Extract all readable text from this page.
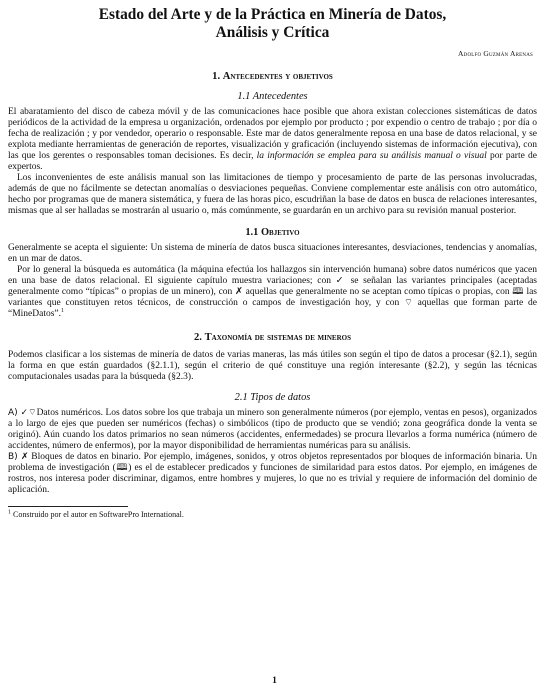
Estado del Arte y de la Práctica en Minería de Datos,

Análisis y Crítica

Adolfo Guzmán Arenas

1. Antecedentes y objetivos
1.1 Antecedentes

El abaratamiento del disco de cabeza móvil y de las comunicaciones hace posible que ahora existan colecciones sistemáticas de datos periódicos de la actividad de la empresa u organización, ordenados por ejemplo por producto ; por expendio o centro de trabajo ; por día o fecha de realización ; y por vendedor, operario o responsable. Este mar de datos generalmente reposa en una base de datos relacional, y se explota mediante herramientas de generación de reportes, visualización y graficación (incluyendo sistemas de información ejecutiva), con las que los gerentes o responsables toman decisiones. Es decir, la información se emplea para su análisis manual o visual por parte de expertos.

Los inconvenientes de este análisis manual son las limitaciones de tiempo y procesamiento de parte de las personas involucradas, además de que no fácilmente se detectan anomalías o desviaciones pequeñas. Conviene complementar este análisis con otro automático, hecho por programas que de manera sistemática, y fuera de las horas pico, escudriñan la base de datos en busca de relaciones interesantes, mismas que al ser halladas se mostrarán al usuario o, más comúnmente, se guardarán en un archivo para su revisión manual posterior.

1.1 Objetivo

Generalmente se acepta el siguiente: Un sistema de minería de datos busca situaciones interesantes, desviaciones, tendencias y anomalías, en un mar de datos.

Por lo general la búsqueda es automática (la máquina efectúa los hallazgos sin intervención humana) sobre datos numéricos que yacen en una base de datos relacional. El siguiente capítulo muestra variaciones; con ✓ se señalan las variantes principales (aceptadas generalmente como “típicas” o propias de un minero), con ✗ aquellas que generalmente no se aceptan como típicas o propias, con 🕮 las variantes que constituyen retos técnicos, de construcción o campos de investigación hoy, y con ⌔ aquellas que forman parte de “MineDatos”.$^1$

2. Taxonomía de sistemas de mineros

Podemos clasificar a los sistemas de minería de datos de varias maneras, las más útiles son según el tipo de datos a procesar (§2.1), según la forma en que están guardados (§2.1.1), según el criterio de qué constituye una región interesante (§2.2), y según las técnicas computacionales usadas para la búsqueda (§2.3).

2.1 Tipos de datos

A) ✓⌔Datos numéricos. Los datos sobre los que trabaja un minero son generalmente números (por ejemplo, ventas en pesos), organizados a lo largo de ejes que pueden ser numéricos (fechas) o simbólicos (tipo de producto que se vendió; zona geográfica donde la venta se originó). Aún cuando los datos primarios no sean números (accidentes, enfermedades) se procura llevarlos a forma numérica (número de accidentes, número de enfermos), por la mayor disponibilidad de herramientas numéricas para su análisis.

B) ✗ Bloques de datos en binario. Por ejemplo, imágenes, sonidos, y otros objetos representados por bloques de información binaria. Un problema de investigación (🕮) es el de establecer predicados y funciones de similaridad para estos datos. Por ejemplo, en imágenes de rostros, nos interesa poder discriminar, digamos, entre hombres y mujeres, lo que no es trivial y requiere de información del dominio de aplicación.

$^1$ Construido por el autor en SoftwarePro International.

1
